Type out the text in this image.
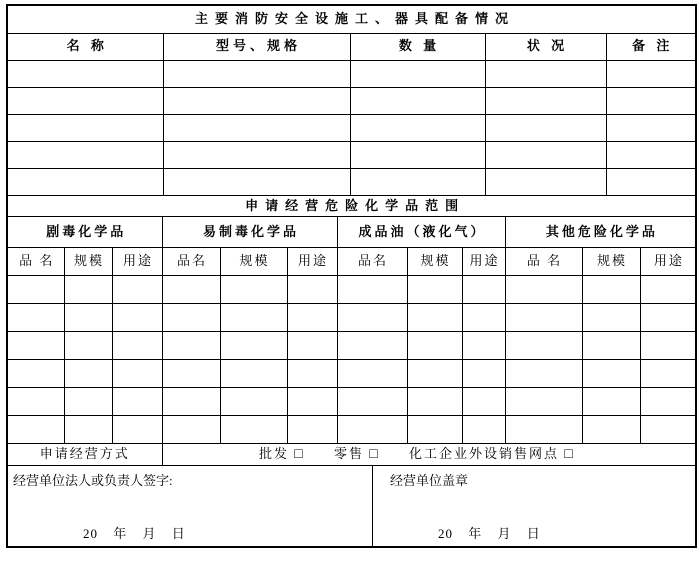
主要消防安全设施工、器具配备情况				
名 称	型号、规格	数 量	状 况	备 注

申请经营危险化学品范围											
剧毒化学品			易制毒化学品			成品油（液化气）			其他危险化学品		
品 名	规模	用途	品名	规模	用途	品名	规模	用途	品 名	规模	用途

申请经营方式			批发 □ 零售 □ 化工企业外设销售网点 □								
经营单位法人或负责人签字:
20 年 月 日
经营单位盖章
20 年 月 日
